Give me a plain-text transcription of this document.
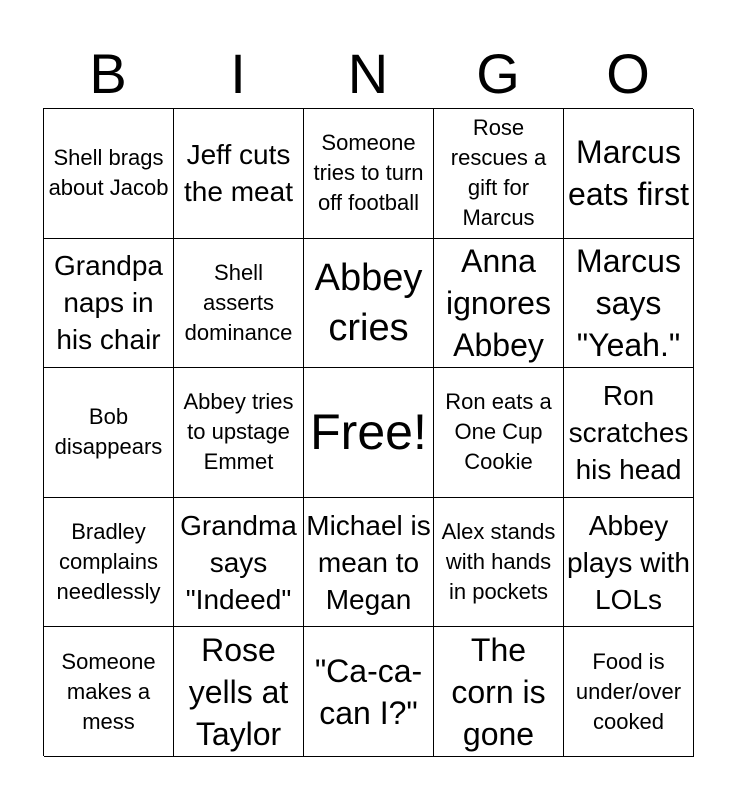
B	I	N	G	O
Shell brags about Jacob
Jeff cuts the meat
Someone tries to turn off football
Rose rescues a gift for Marcus
Marcus eats first
Grandpa naps in his chair
Shell asserts dominance
Abbey cries
Anna ignores Abbey
Marcus says "Yeah."
Bob disappears
Abbey tries to upstage Emmet
Free!
Ron eats a One Cup Cookie
Ron scratches his head
Bradley complains needlessly
Grandma says "Indeed"
Michael is mean to Megan
Alex stands with hands in pockets
Abbey plays with LOLs
Someone makes a mess
Rose yells at Taylor
"Ca-ca-can I?"
The corn is gone
Food is under/over cooked
